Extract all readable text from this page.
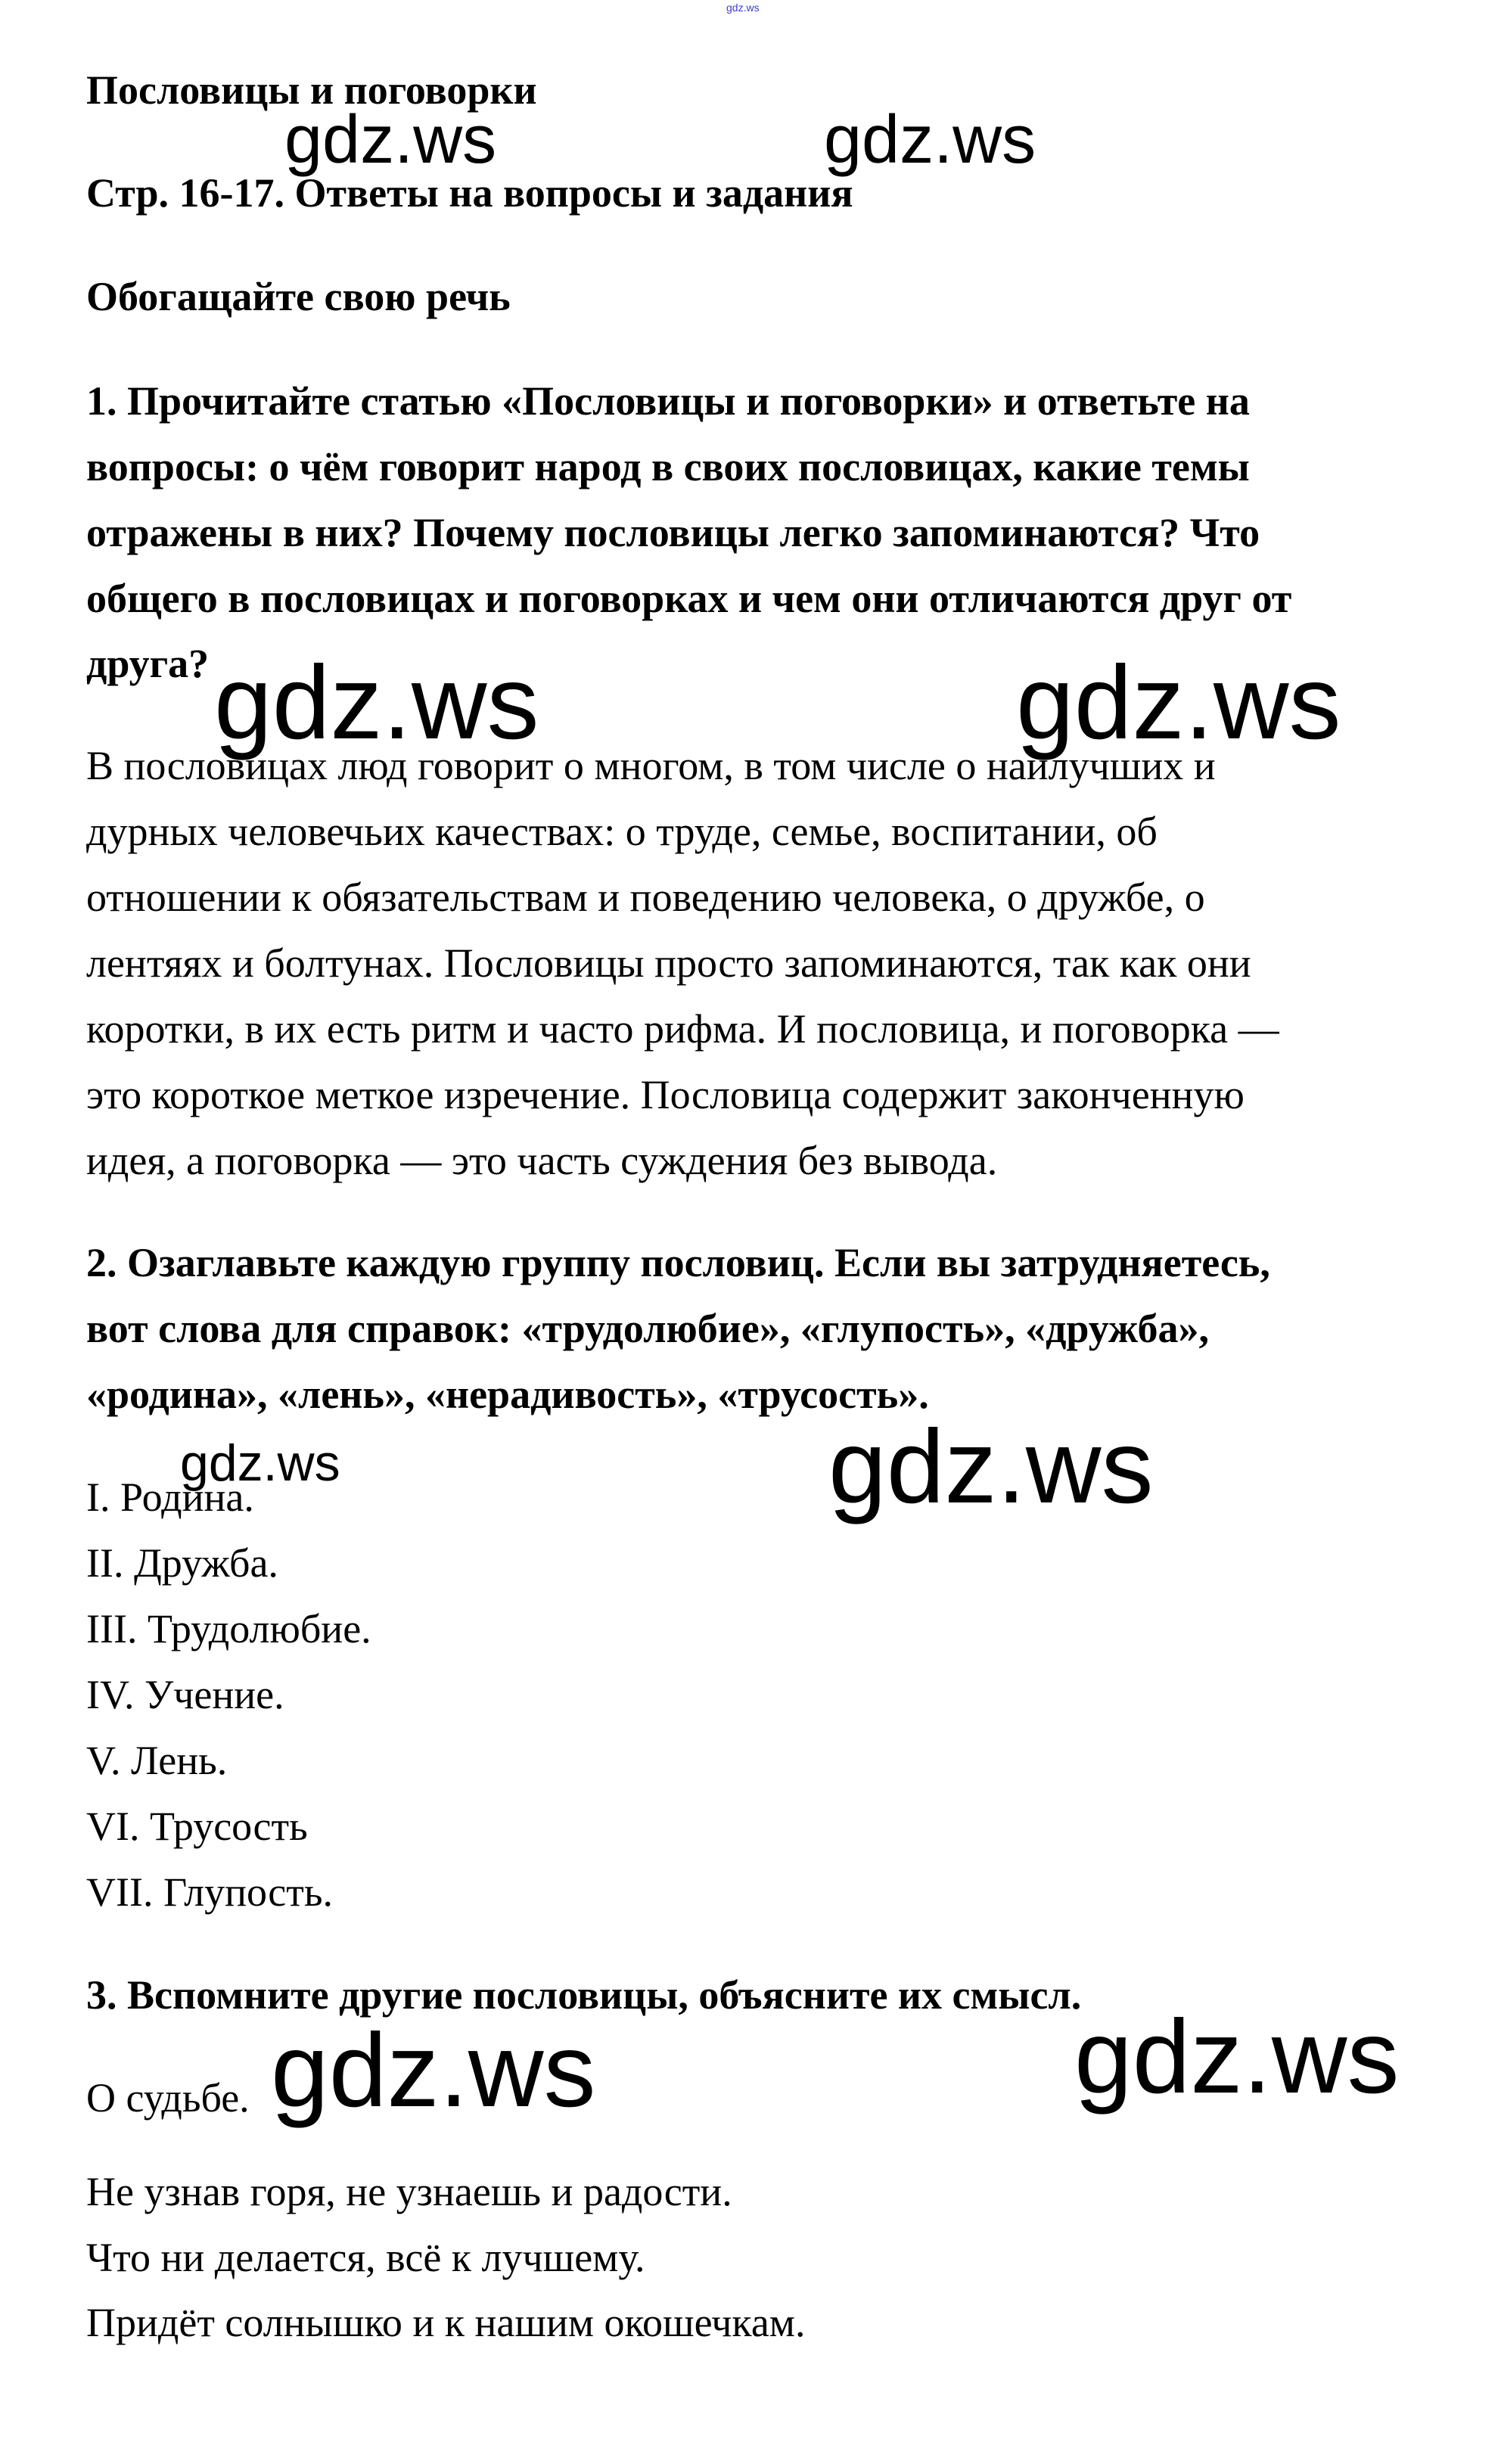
gdz.ws
Пословицы и поговорки
Стр. 16-17. Ответы на вопросы и задания
Обогащайте свою речь
1. Прочитайте статью «Пословицы и поговорки» и ответьте на
вопросы: о чём говорит народ в своих пословицах, какие темы
отражены в них? Почему пословицы легко запоминаются? Что
общего в пословицах и поговорках и чем они отличаются друг от
друга?
В пословицах люд говорит о многом, в том числе о наилучших и
дурных человечьих качествах: о труде, семье, воспитании, об
отношении к обязательствам и поведению человека, о дружбе, о
лентяях и болтунах. Пословицы просто запоминаются, так как они
коротки, в их есть ритм и часто рифма. И пословица, и поговорка —
это короткое меткое изречение. Пословица содержит законченную
идея, а поговорка — это часть суждения без вывода.
2. Озаглавьте каждую группу пословиц. Если вы затрудняетесь,
вот слова для справок: «трудолюбие», «глупость», «дружба»,
«родина», «лень», «нерадивость», «трусость».
I. Родина.
II. Дружба.
III. Трудолюбие.
IV. Учение.
V. Лень.
VI. Трусость
VII. Глупость.
3. Вспомните другие пословицы, объясните их смысл.
О судьбе.
Не узнав горя, не узнаешь и радости.
Что ни делается, всё к лучшему.
Придёт солнышко и к нашим окошечкам.
gdz.ws	gdz.ws
gdz.ws	gdz.ws
gdz.ws	gdz.ws
gdz.ws	gdz.ws
